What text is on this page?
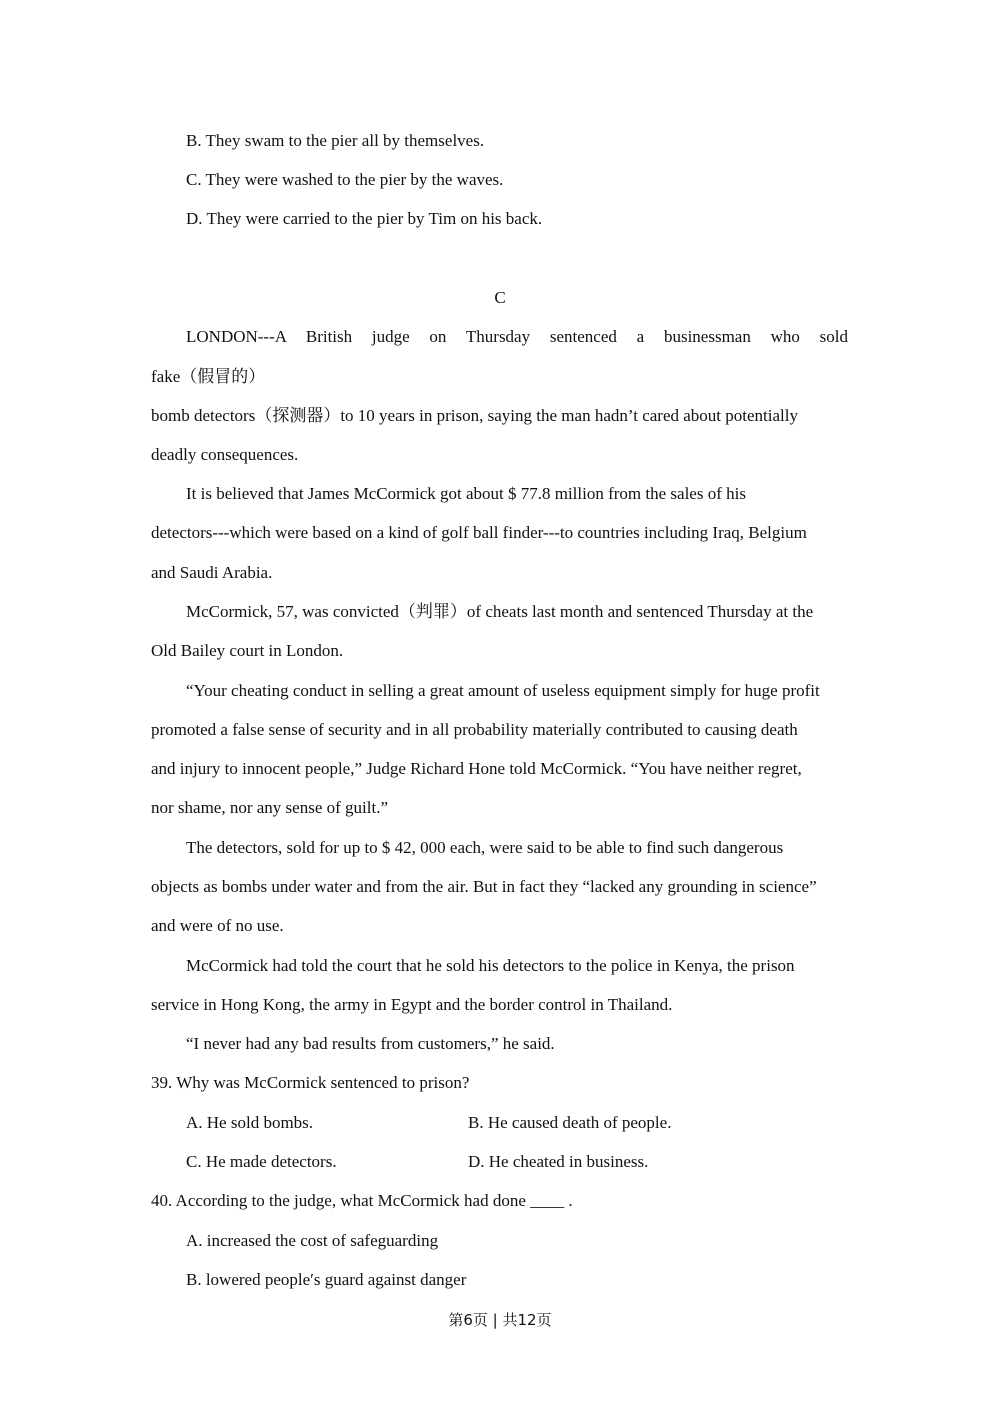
B. They swam to the pier all by themselves.
C. They were washed to the pier by the waves.
D. They were carried to the pier by Tim on his back.
C
LONDON---A British judge on Thursday sentenced a businessman who sold
fake（假冒的）
bomb detectors（探测器）to 10 years in prison, saying the man hadn’t cared about potentially
deadly consequences.
It is believed that James McCormick got about $ 77.8 million from the sales of his
detectors---which were based on a kind of golf ball finder---to countries including Iraq, Belgium
and Saudi Arabia.
McCormick, 57, was convicted（判罪）of cheats last month and sentenced Thursday at the
Old Bailey court in London.
“Your cheating conduct in selling a great amount of useless equipment simply for huge profit
promoted a false sense of security and in all probability materially contributed to causing death
and injury to innocent people,” Judge Richard Hone told McCormick. “You have neither regret,
nor shame, nor any sense of guilt.”
The detectors, sold for up to $ 42, 000 each, were said to be able to find such dangerous
objects as bombs under water and from the air. But in fact they “lacked any grounding in science”
and were of no use.
McCormick had told the court that he sold his detectors to the police in Kenya, the prison
service in Hong Kong, the army in Egypt and the border control in Thailand.
“I never had any bad results from customers,” he said.
39. Why was McCormick sentenced to prison?
A. He sold bombs.	B. He caused death of people.
C. He made detectors.	D. He cheated in business.
40. According to the judge, what McCormick had done ____ .
A. increased the cost of safeguarding
B. lowered people′s guard against danger
第6页 | 共12页
